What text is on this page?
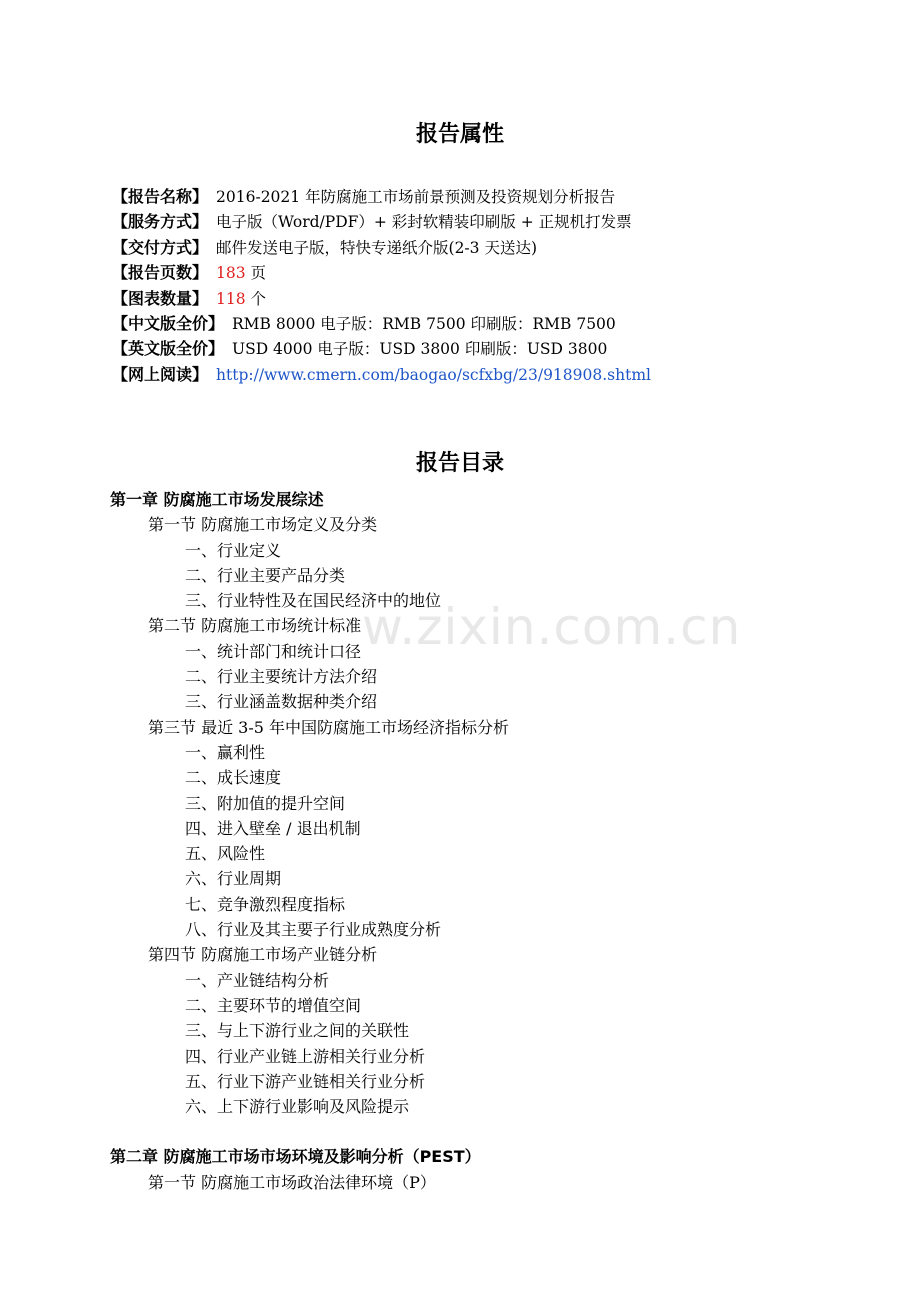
w.zixin.com.cn
报告属性
【报告名称】 2016-2021 年防腐施工市场前景预测及投资规划分析报告
【服务方式】 电子版（Word/PDF）+ 彩封软精装印刷版 + 正规机打发票
【交付方式】 邮件发送电子版，特快专递纸介版(2-3 天送达)
【报告页数】 183 页
【图表数量】 118 个
【中文版全价】 RMB 8000 电子版：RMB 7500 印刷版：RMB 7500
【英文版全价】 USD 4000 电子版：USD 3800 印刷版：USD 3800
【网上阅读】 http://www.cmern.com/baogao/scfxbg/23/918908.shtml
报告目录
第一章 防腐施工市场发展综述
第一节 防腐施工市场定义及分类
一、行业定义
二、行业主要产品分类
三、行业特性及在国民经济中的地位
第二节 防腐施工市场统计标准
一、统计部门和统计口径
二、行业主要统计方法介绍
三、行业涵盖数据种类介绍
第三节 最近 3-5 年中国防腐施工市场经济指标分析
一、赢利性
二、成长速度
三、附加值的提升空间
四、进入壁垒 / 退出机制
五、风险性
六、行业周期
七、竞争激烈程度指标
八、行业及其主要子行业成熟度分析
第四节 防腐施工市场产业链分析
一、产业链结构分析
二、主要环节的增值空间
三、与上下游行业之间的关联性
四、行业产业链上游相关行业分析
五、行业下游产业链相关行业分析
六、上下游行业影响及风险提示
第二章 防腐施工市场市场环境及影响分析（PEST）
第一节 防腐施工市场政治法律环境（P）
